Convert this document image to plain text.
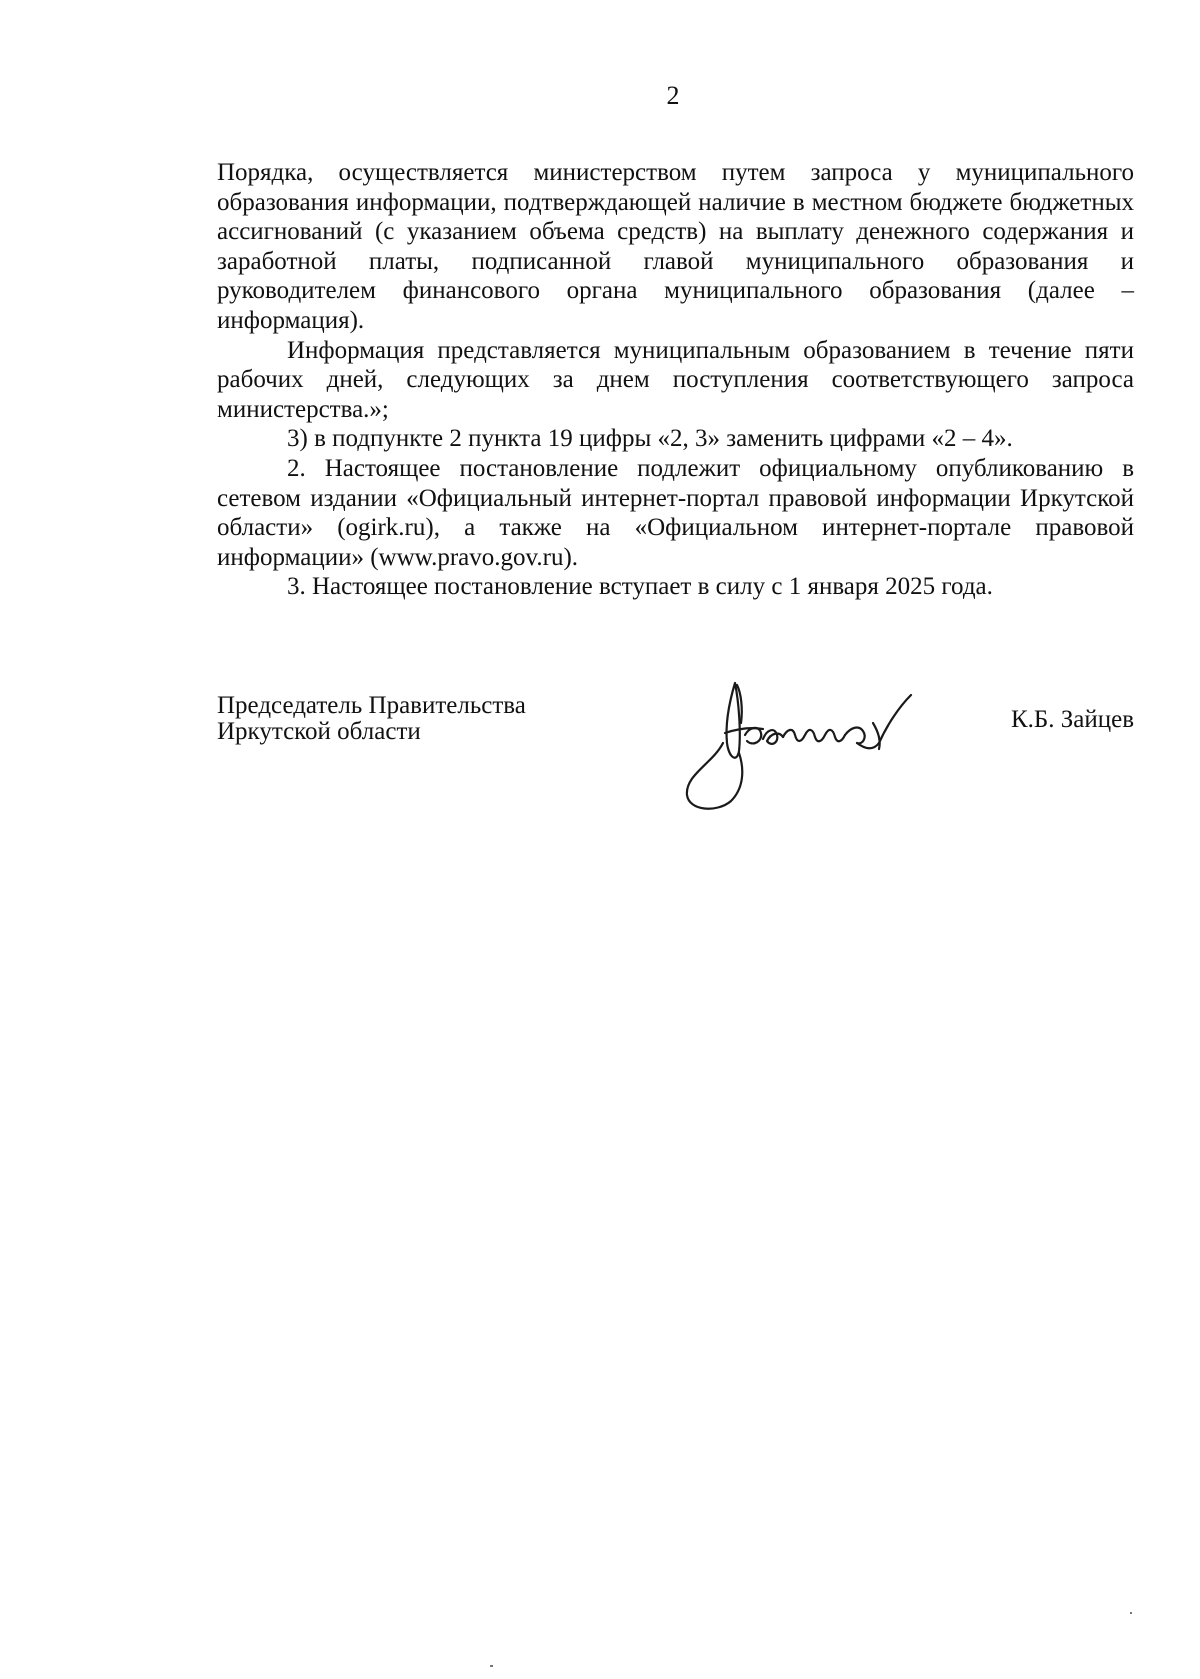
2

Порядка, осуществляется министерством путем запроса у муниципального образования информации, подтверждающей наличие в местном бюджете бюджетных ассигнований (с указанием объема средств) на выплату денежного содержания и заработной платы, подписанной главой муниципального образования и руководителем финансового органа муниципального образования (далее – информация).

Информация представляется муниципальным образованием в течение пяти рабочих дней, следующих за днем поступления соответствующего запроса министерства.»;

3) в подпункте 2 пункта 19 цифры «2, 3» заменить цифрами «2 – 4».

2. Настоящее постановление подлежит официальному опубликованию в сетевом издании «Официальный интернет-портал правовой информации Иркутской области» (ogirk.ru), а также на «Официальном интернет-портале правовой информации» (www.pravo.gov.ru).

3. Настоящее постановление вступает в силу с 1 января 2025 года.

Председатель Правительства
Иркутской области	К.Б. Зайцев
